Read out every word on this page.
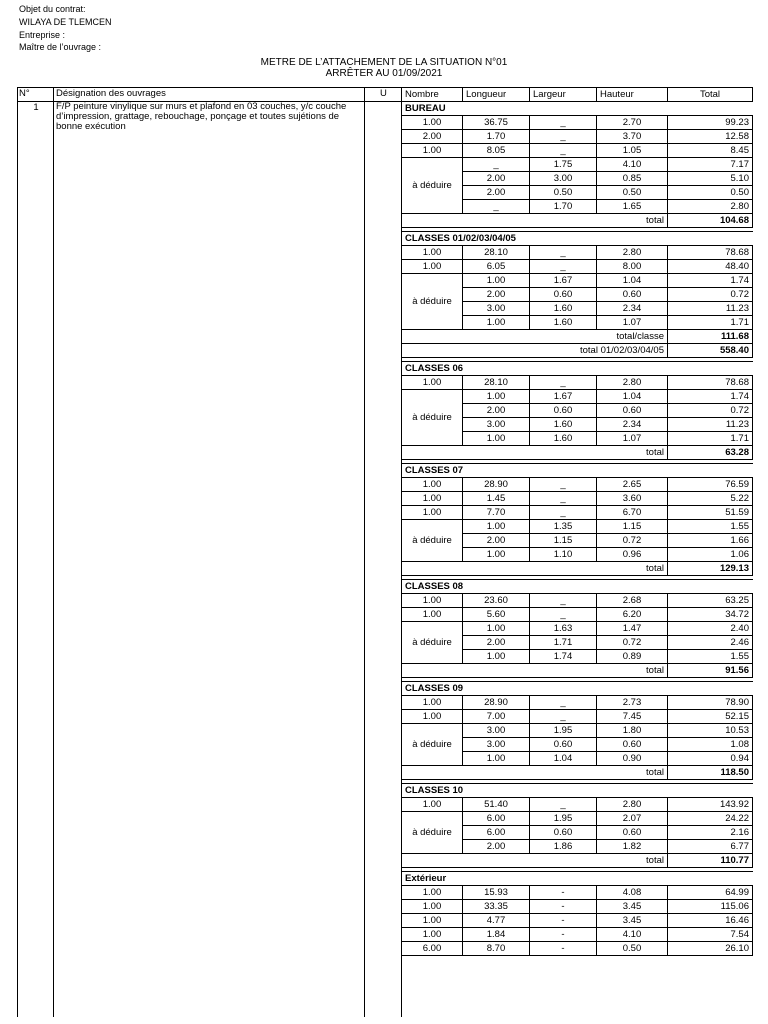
Objet du contrat:
WILAYA DE TLEMCEN
Entreprise :
Maître de l’ouvrage :
METRE DE L’ATTACHEMENT DE LA SITUATION N°01
ARRÊTER AU 01/09/2021
N°	Désignation des ouvrages	U
1	F/P peinture vinylique sur murs et plafond en 03 couches, y/c couche d’impression, grattage, rebouchage, ponçage et toutes sujétions de bonne exécution
Nombre	Longueur	Largeur	Hauteur	Total
BUREAU				
1.00	36.75	_	2.70	99.23
2.00	1.70	_	3.70	12.58
1.00	8.05	_	1.05	8.45
à déduire	_	1.75	4.10	7.17
	2.00	3.00	0.85	5.10
	2.00	0.50	0.50	0.50
	_	1.70	1.65	2.80
total				104.68

CLASSES 01/02/03/04/05				
1.00	28.10	_	2.80	78.68
1.00	6.05	_	8.00	48.40
à déduire	1.00	1.67	1.04	1.74
	2.00	0.60	0.60	0.72
	3.00	1.60	2.34	11.23
	1.00	1.60	1.07	1.71
total/classe				111.68
total 01/02/03/04/05				558.40

CLASSES 06				
1.00	28.10	_	2.80	78.68
à déduire	1.00	1.67	1.04	1.74
	2.00	0.60	0.60	0.72
	3.00	1.60	2.34	11.23
	1.00	1.60	1.07	1.71
total				63.28

CLASSES 07				
1.00	28.90	_	2.65	76.59
1.00	1.45	_	3.60	5.22
1.00	7.70	_	6.70	51.59
à déduire	1.00	1.35	1.15	1.55
	2.00	1.15	0.72	1.66
	1.00	1.10	0.96	1.06
total				129.13

CLASSES 08				
1.00	23.60	_	2.68	63.25
1.00	5.60	_	6.20	34.72
à déduire	1.00	1.63	1.47	2.40
	2.00	1.71	0.72	2.46
	1.00	1.74	0.89	1.55
total				91.56

CLASSES 09				
1.00	28.90	_	2.73	78.90
1.00	7.00	_	7.45	52.15
à déduire	3.00	1.95	1.80	10.53
	3.00	0.60	0.60	1.08
	1.00	1.04	0.90	0.94
total				118.50

CLASSES 10				
1.00	51.40	_	2.80	143.92
à déduire	6.00	1.95	2.07	24.22
	6.00	0.60	0.60	2.16
	2.00	1.86	1.82	6.77
total				110.77

Extérieur				
1.00	15.93	-	4.08	64.99
1.00	33.35	-	3.45	115.06
1.00	4.77	-	3.45	16.46
1.00	1.84	-	4.10	7.54
6.00	8.70	-	0.50	26.10
